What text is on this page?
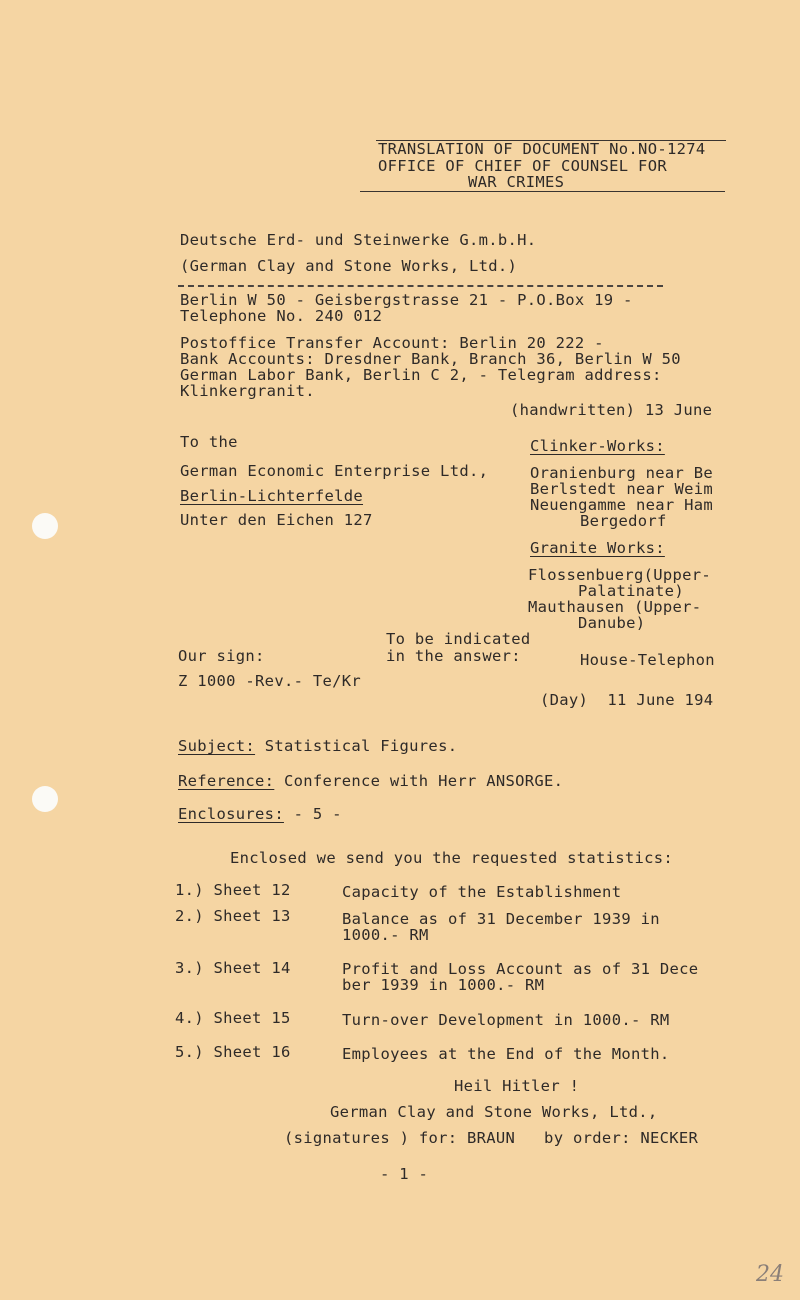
TRANSLATION OF DOCUMENT No.NO-1274
OFFICE OF CHIEF OF COUNSEL FOR
WAR CRIMES
Deutsche Erd- und Steinwerke G.m.b.H.
(German Clay and Stone Works, Ltd.)
Berlin W 50 - Geisbergstrasse 21 - P.O.Box 19 -
Telephone No. 240 012
Postoffice Transfer Account: Berlin 20 222 -
Bank Accounts: Dresdner Bank, Branch 36, Berlin W 50
German Labor Bank, Berlin C 2, - Telegram address:
Klinkergranit.
(handwritten) 13 June
To the
German Economic Enterprise Ltd.,
Berlin-Lichterfelde
Unter den Eichen 127
Clinker-Works:
Oranienburg near Be
Berlstedt near Weim
Neuengamme near Ham
Bergedorf
Granite Works:
Flossenbuerg(Upper-
Palatinate)
Mauthausen (Upper-
Danube)
To be indicated
in the answer:	House-Telephon
Our sign:
Z 1000 -Rev.- Te/Kr
(Day)  11 June 194
Subject: Statistical Figures.
Reference: Conference with Herr ANSORGE.
Enclosures: - 5 -
Enclosed we send you the requested statistics:
1.) Sheet 12	Capacity of the Establishment
2.) Sheet 13	Balance as of 31 December 1939 in
1000.- RM
3.) Sheet 14	Profit and Loss Account as of 31 Dece
ber 1939 in 1000.- RM
4.) Sheet 15	Turn-over Development in 1000.- RM
5.) Sheet 16	Employees at the End of the Month.
Heil Hitler !
German Clay and Stone Works, Ltd.,
(signatures ) for: BRAUN   by order: NECKER
- 1 -
24
